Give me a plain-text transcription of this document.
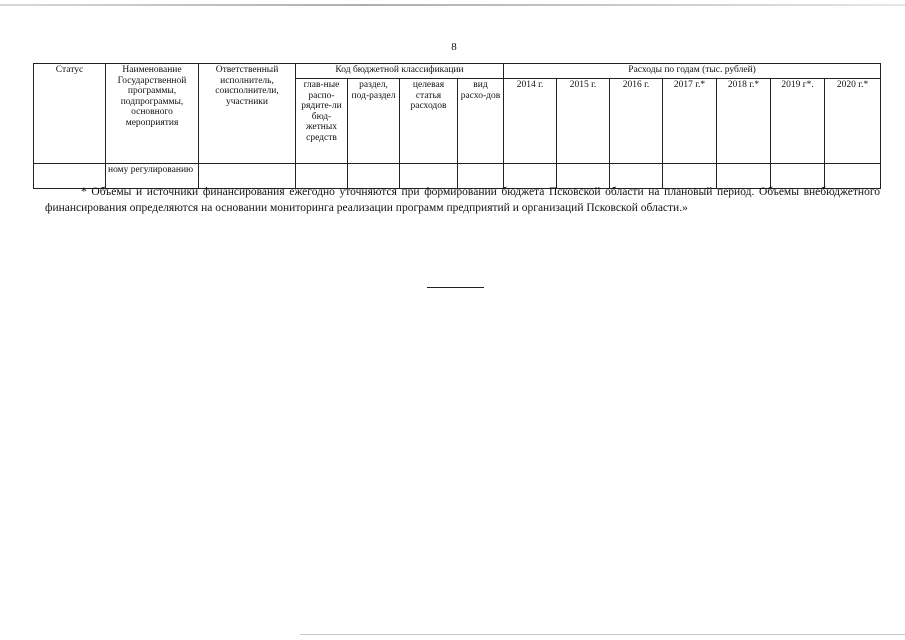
8
Статус	Наименование Государственной программы, подпрограммы, основного мероприятия	Ответственный исполнитель, соисполнители, участники	Код бюджетной классификации				Расходы по годам (тыс. рублей)						
			глав-ные распо-рядите-ли бюд-жетных средств	раздел, под-раздел	целевая статья расходов	вид расхо-дов	2014 г.	2015 г.	2016 г.	2017 г.*	2018 г.*	2019 г*.	2020 г.*
	ному регулированию												
* Объемы и источники финансирования ежегодно уточняются при формировании бюджета Псковской области на плановый период. Объемы внебюджетного финансирования определяются на основании мониторинга реализации программ предприятий и организаций Псковской области.»
